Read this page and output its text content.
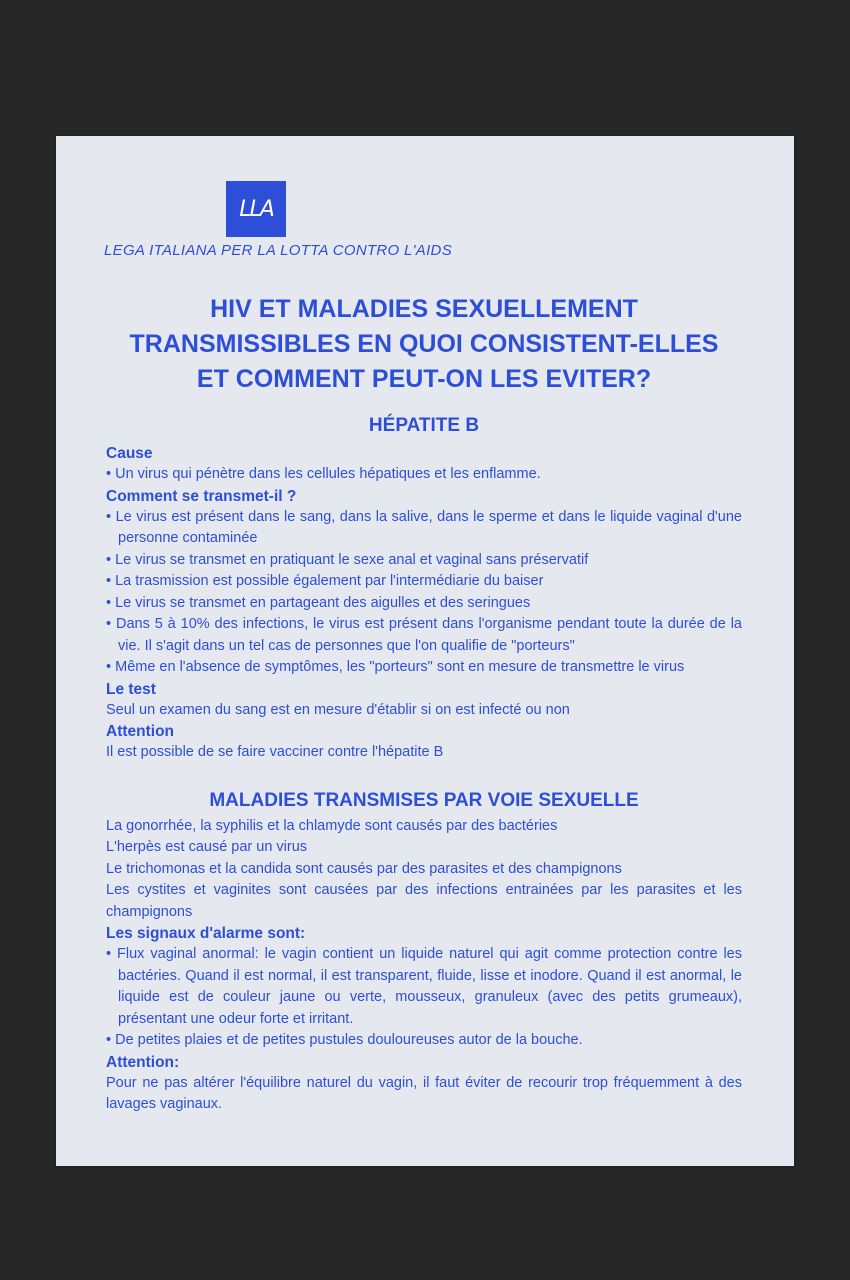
LLA
LEGA ITALIANA PER LA LOTTA CONTRO L'AIDS
HIV ET MALADIES SEXUELLEMENT
TRANSMISSIBLES EN QUOI CONSISTENT-ELLES
ET COMMENT PEUT-ON LES EVITER?
HÉPATITE B
Cause
• Un virus qui pénètre dans les cellules hépatiques et les enflamme.
Comment se transmet-il ?
• Le virus est présent dans le sang, dans la salive, dans le sperme et dans le liquide vaginal d'une personne contaminée
• Le virus se transmet en pratiquant le sexe anal et vaginal sans préservatif
• La trasmission est possible également par l'intermédiarie du baiser
• Le virus se transmet en partageant des aigulles et des seringues
• Dans 5 à 10% des infections, le virus est présent dans l'organisme pendant toute la durée de la vie. Il s'agit dans un tel cas de personnes que l'on qualifie de "porteurs"
• Même en l'absence de symptômes, les "porteurs" sont en mesure de transmettre le virus
Le test

Seul un examen du sang est en mesure d'établir si on est infecté ou non

Attention

Il est possible de se faire vacciner contre l'hépatite B

MALADIES TRANSMISES PAR VOIE SEXUELLE

La gonorrhée, la syphilis et la chlamyde sont causés par des bactéries

L'herpès est causé par un virus

Le trichomonas et la candida sont causés par des parasites et des champignons

Les cystites et vaginites sont causées par des infections entrainées par les parasites et les champignons

Les signaux d'alarme sont:
• Flux vaginal anormal: le vagin contient un liquide naturel qui agit comme protection contre les bactéries. Quand il est normal, il est transparent, fluide, lisse et inodore. Quand il est anormal, le liquide est de couleur jaune ou verte, mousseux, granuleux (avec des petits grumeaux), présentant une odeur forte et irritant.
• De petites plaies et de petites pustules douloureuses autor de la bouche.
Attention:

Pour ne pas altérer l'équilibre naturel du vagin, il faut éviter de recourir trop fréquemment à des lavages vaginaux.
